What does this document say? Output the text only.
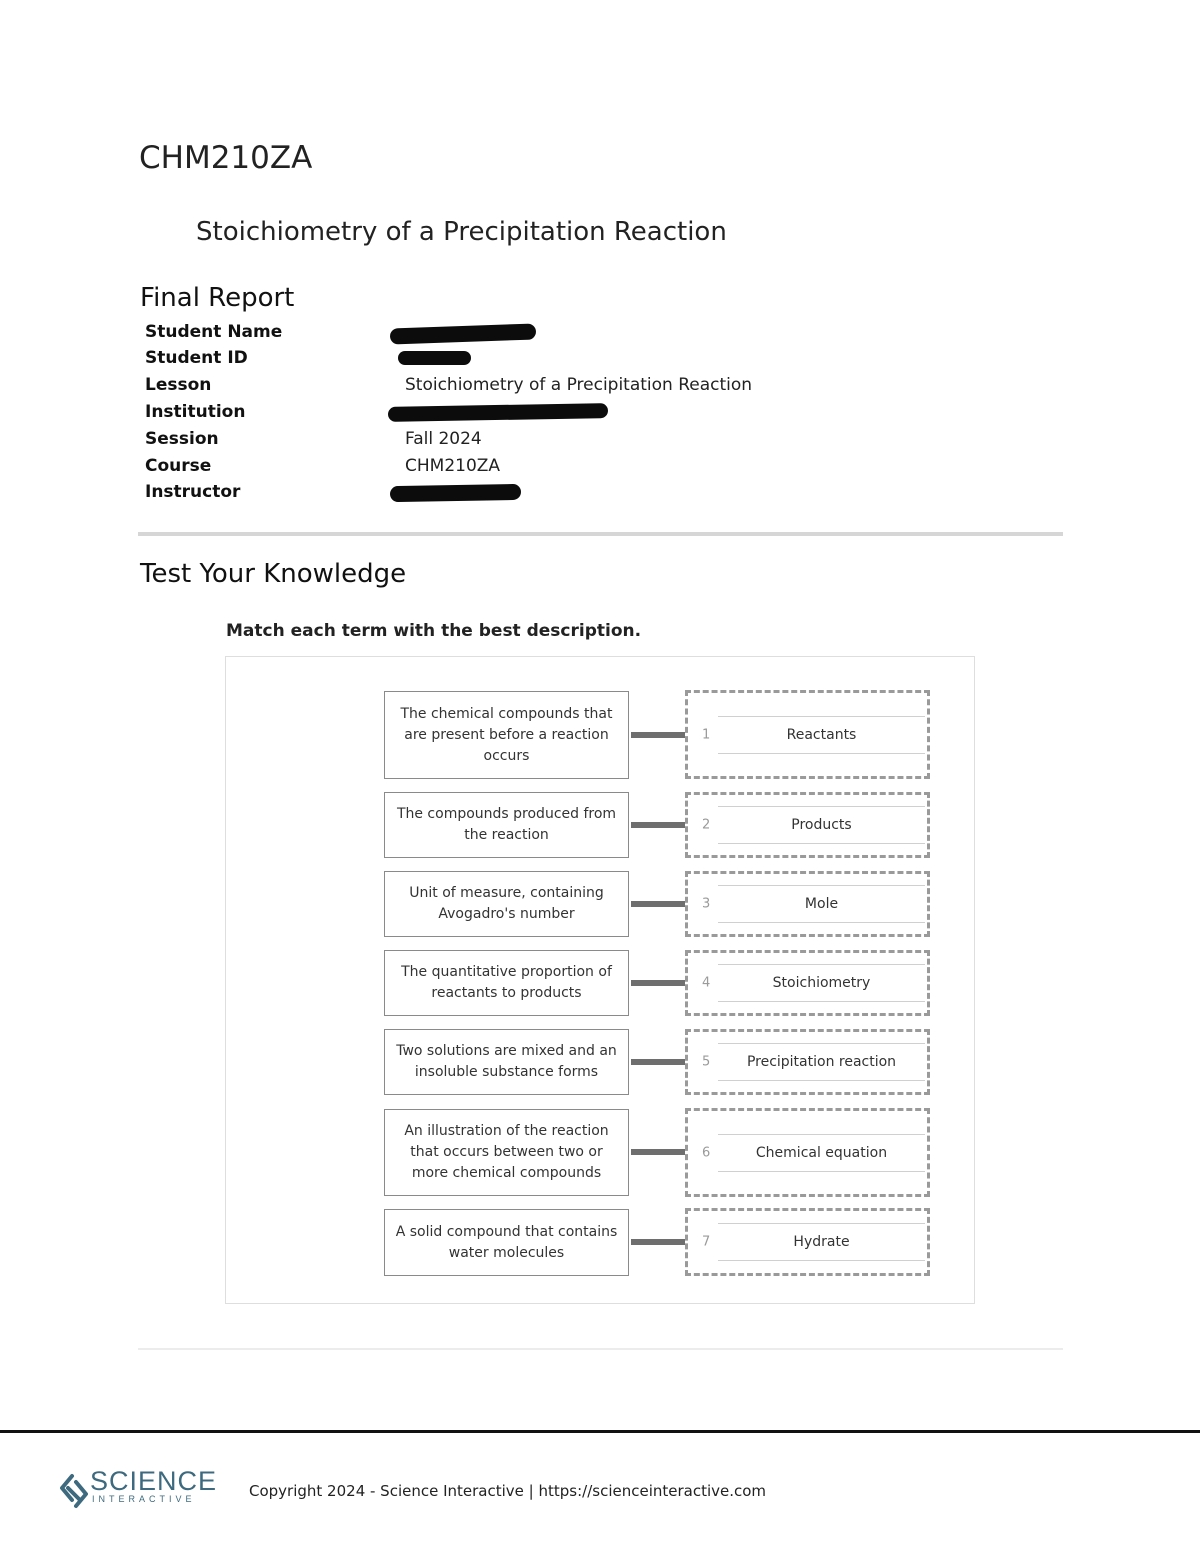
CHM210ZA
Stoichiometry of a Precipitation Reaction
Final Report
Student Name
Student ID
Lesson	Stoichiometry of a Precipitation Reaction
Institution
Session	Fall 2024
Course	CHM210ZA
Instructor
Test Your Knowledge
Match each term with the best description.
The chemical compounds that are present before a reaction occurs
1	Reactants
The compounds produced from the reaction
2	Products
Unit of measure, containing Avogadro's number
3	Mole
The quantitative proportion of reactants to products
4	Stoichiometry
Two solutions are mixed and an insoluble substance forms
5	Precipitation reaction
An illustration of the reaction that occurs between two or more chemical compounds
6	Chemical equation
A solid compound that contains water molecules
7	Hydrate
SCIENCE
INTERACTIVE	Copyright 2024 - Science Interactive | https://scienceinteractive.com
